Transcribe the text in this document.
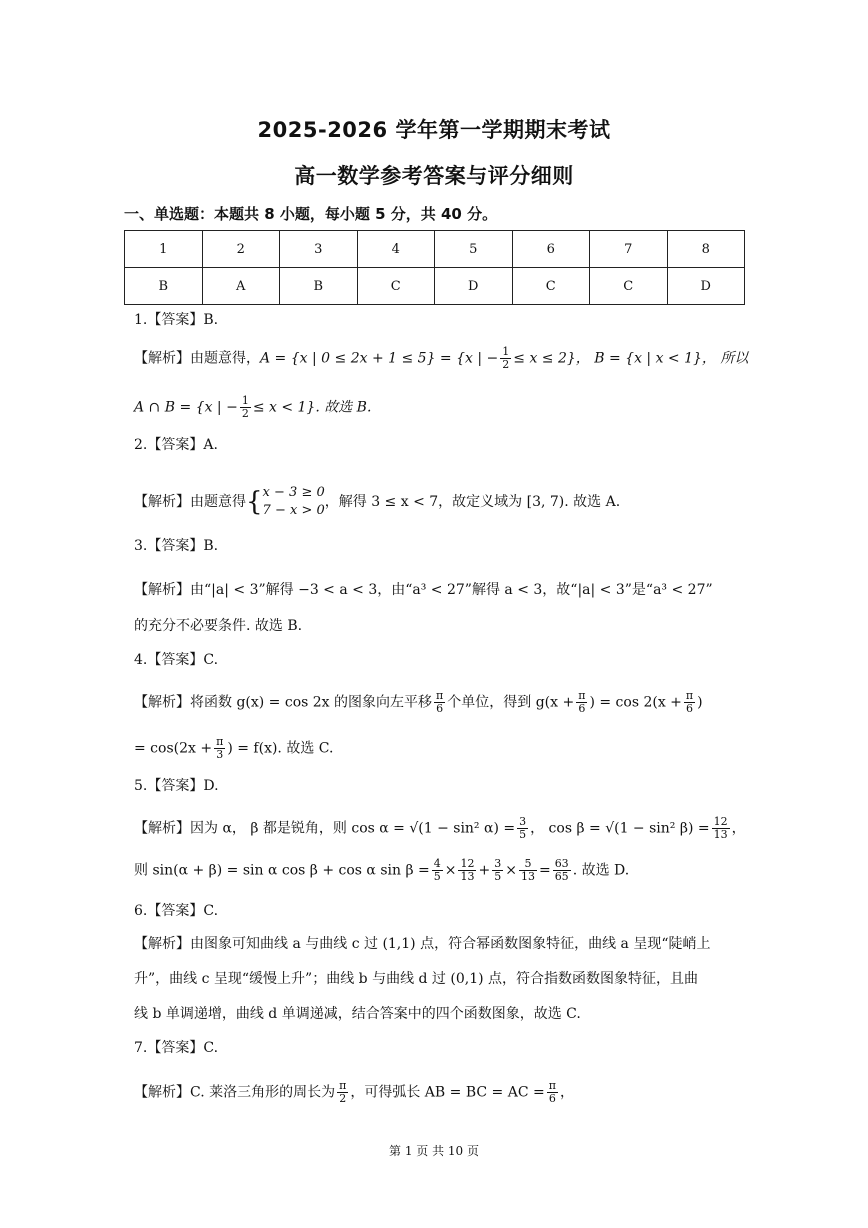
2025-2026 学年第一学期期末考试
高一数学参考答案与评分细则
一、单选题：本题共 8 小题，每小题 5 分，共 40 分。
1	2	3	4	5	6	7	8
B	A	B	C	D	C	C	D
1.【答案】B.
【解析】由题意得，A = {x | 0 ≤ 2x + 1 ≤ 5} = {x | − $\frac{1}{2} \le x \le 2$}， B = {x | x < 1}， 所以
A ∩ B = {x | − $\frac{1}{2} \le x < 1$}. 故选 B.
2.【答案】A.
【解析】由题意得{ x − 3 ≥ 0
7 − x > 0
，解得 3 ≤ x < 7，故定义域为 [3, 7). 故选 A.
3.【答案】B.
【解析】由“|a| < 3”解得 −3 < a < 3，由“a³ < 27”解得 a < 3，故“|a| < 3”是“a³ < 27”
的充分不必要条件. 故选 B.
4.【答案】C.
【解析】将函数 g(x) = cos 2x 的图象向左平移 $\frac{\pi}{6}$ 个单位，得到 $g(x + \frac{\pi}{6}$ ) = $\cos 2(x + \frac{\pi}{6}$ )
= $\cos(2x + \frac{\pi}{3}$ ) = f(x). 故选 C.
5.【答案】D.
【解析】因为 α， β 都是锐角，则 cos α = √(1 − sin² $\alpha) = \frac{3}{5}$ ， cos β = √(1 − sin² $\beta) = \frac{12}{13}$ ，
则 sin(α + β) = sin α cos β + cos α $\sin \beta = \frac{4}{5} \times \frac{12}{13} + \frac{3}{5} \times \frac{5}{13} = \frac{63}{65}$ . 故选 D.
6.【答案】C.
【解析】由图象可知曲线 a 与曲线 c 过 (1,1) 点，符合幂函数图象特征，曲线 a 呈现“陡峭上
升”，曲线 c 呈现“缓慢上升”；曲线 b 与曲线 d 过 (0,1) 点，符合指数函数图象特征，且曲
线 b 单调递增，曲线 d 单调递减，结合答案中的四个函数图象，故选 C.
7.【答案】C.
【解析】C. 莱洛三角形的周长为 $\frac{\pi}{2}$ ，可得弧长 AB = BC = AC = $\frac{\pi}{6}$ ，
第 1 页 共 10 页
